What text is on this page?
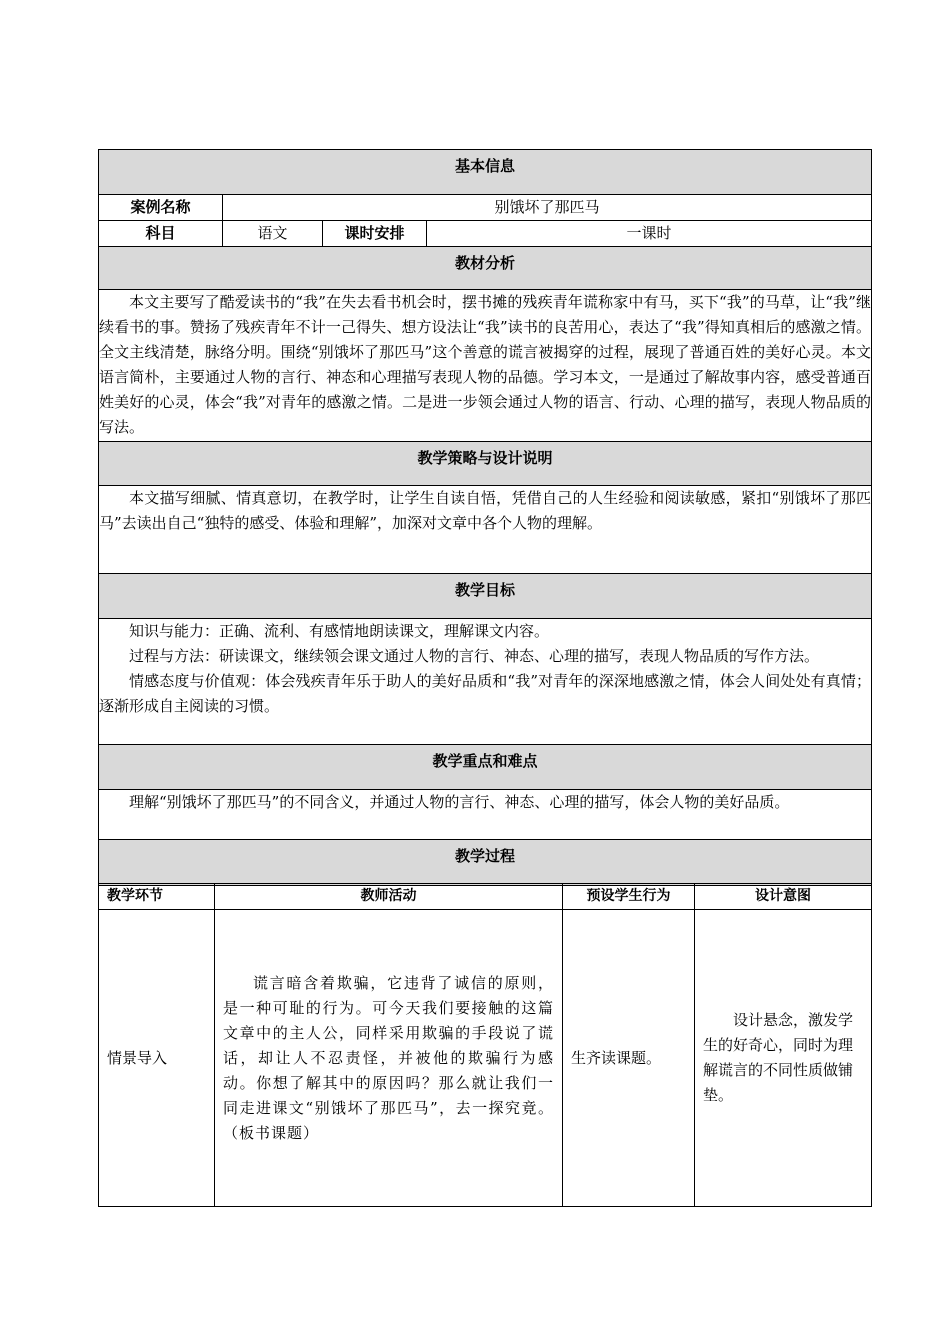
基本信息			

案例名称	别饿坏了那匹马		
科目	语文	课时安排	一课时

教材分析			

本文主要写了酷爱读书的“我”在失去看书机会时，摆书摊的残疾青年谎称家中有马，买下“我”的马草，让“我”继续看书的事。赞扬了残疾青年不计一己得失、想方设法让“我”读书的良苦用心，表达了“我”得知真相后的感激之情。全文主线清楚，脉络分明。围绕“别饿坏了那匹马”这个善意的谎言被揭穿的过程，展现了普通百姓的美好心灵。本文语言简朴，主要通过人物的言行、神态和心理描写表现人物的品德。学习本文，一是通过了解故事内容，感受普通百姓美好的心灵，体会“我”对青年的感激之情。二是进一步领会通过人物的语言、行动、心理的描写，表现人物品质的写法。			

教学策略与设计说明			

本文描写细腻、情真意切，在教学时，让学生自读自悟，凭借自己的人生经验和阅读敏感，紧扣“别饿坏了那匹马”去读出自己“独特的感受、体验和理解”，加深对文章中各个人物的理解。			

教学目标			

知识与能力：正确、流利、有感情地朗读课文，理解课文内容。

过程与方法：研读课文，继续领会课文通过人物的言行、神态、心理的描写，表现人物品质的写作方法。

情感态度与价值观：体会残疾青年乐于助人的美好品质和“我”对青年的深深地感激之情，体会人间处处有真情；逐渐形成自主阅读的习惯。			

教学重点和难点			

理解“别饿坏了那匹马”的不同含义，并通过人物的言行、神态、心理的描写，体会人物的美好品质。			

教学过程			
教学环节	教师活动	预设学生行为	设计意图
情景导入	谎言暗含着欺骗，它违背了诚信的原则，是一种可耻的行为。可今天我们要接触的这篇文章中的主人公，同样采用欺骗的手段说了谎话，却让人不忍责怪，并被他的欺骗行为感动。你想了解其中的原因吗？那么就让我们一同走进课文“别饿坏了那匹马”，去一探究竟。（板书课题）	生齐读课题。	设计悬念，激发学生的好奇心，同时为理解谎言的不同性质做铺垫。
